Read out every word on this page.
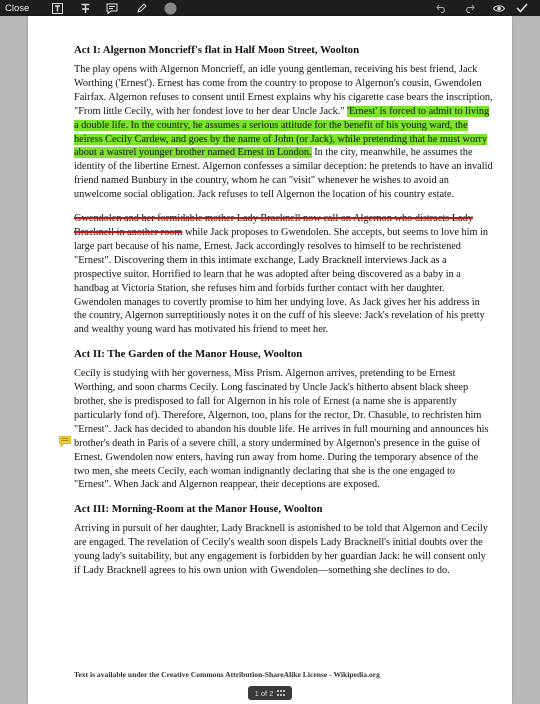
Close
Act I: Algernon Moncrieff's flat in Half Moon Street, Woolton

The play opens with Algernon Moncrieff, an idle young gentleman, receiving his best friend, Jack Worthing ('Ernest'). Ernest has come from the country to propose to Algernon's cousin, Gwendolen Fairfax. Algernon refuses to consent until Ernest explains why his cigarette case bears the inscription, "From little Cecily, with her fondest love to her dear Uncle Jack." 'Ernest' is forced to admit to living a double life. In the country, he assumes a serious attitude for the benefit of his young ward, the heiress Cecily Cardew, and goes by the name of John (or Jack), while pretending that he must worry about a wastrel younger brother named Ernest in London. In the city, meanwhile, he assumes the identity of the libertine Ernest. Algernon confesses a similar deception: he pretends to have an invalid friend named Bunbury in the country, whom he can "visit" whenever he wishes to avoid an unwelcome social obligation. Jack refuses to tell Algernon the location of his country estate.

Gwendolen and her formidable mother Lady Bracknell now call on Algernon who distracts Lady Bracknell in another room while Jack proposes to Gwendolen. She accepts, but seems to love him in large part because of his name, Ernest. Jack accordingly resolves to himself to be rechristened "Ernest". Discovering them in this intimate exchange, Lady Bracknell interviews Jack as a prospective suitor. Horrified to learn that he was adopted after being discovered as a baby in a handbag at Victoria Station, she refuses him and forbids further contact with her daughter. Gwendolen manages to covertly promise to him her undying love. As Jack gives her his address in the country, Algernon surreptitiously notes it on the cuff of his sleeve: Jack's revelation of his pretty and wealthy young ward has motivated his friend to meet her.

Act II: The Garden of the Manor House, Woolton

Cecily is studying with her governess, Miss Prism. Algernon arrives, pretending to be Ernest Worthing, and soon charms Cecily. Long fascinated by Uncle Jack's hitherto absent black sheep brother, she is predisposed to fall for Algernon in his role of Ernest (a name she is apparently particularly fond of). Therefore, Algernon, too, plans for the rector, Dr. Chasuble, to rechristen him "Ernest". Jack has decided to abandon his double life. He arrives in full mourning and announces his brother's death in Paris of a severe chill, a story undermined by Algernon's presence in the guise of Ernest. Gwendolen now enters, having run away from home. During the temporary absence of the two men, she meets Cecily, each woman indignantly declaring that she is the one engaged to "Ernest". When Jack and Algernon reappear, their deceptions are exposed.

Act III: Morning-Room at the Manor House, Woolton

Arriving in pursuit of her daughter, Lady Bracknell is astonished to be told that Algernon and Cecily are engaged. The revelation of Cecily's wealth soon dispels Lady Bracknell's initial doubts over the young lady's suitability, but any engagement is forbidden by her guardian Jack: he will consent only if Lady Bracknell agrees to his own union with Gwendolen—something she declines to do.

Text is available under the Creative Commons Attribution-ShareAlike License - Wikipedia.org
1 of 2
